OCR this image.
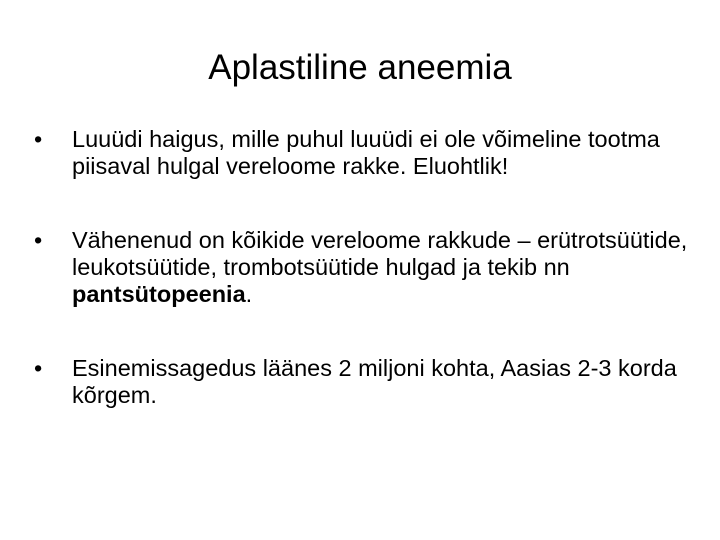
Aplastiline aneemia
•	Luuüdi haigus, mille puhul luuüdi ei ole võimeline tootma piisaval hulgal vereloome rakke. Eluohtlik!
•	Vähenenud on kõikide vereloome rakkude – erütrotsüütide, leukotsüütide, trombotsüütide hulgad ja tekib nn pantsütopeenia.
•	Esinemissagedus läänes 2 miljoni kohta, Aasias 2-3 korda kõrgem.
